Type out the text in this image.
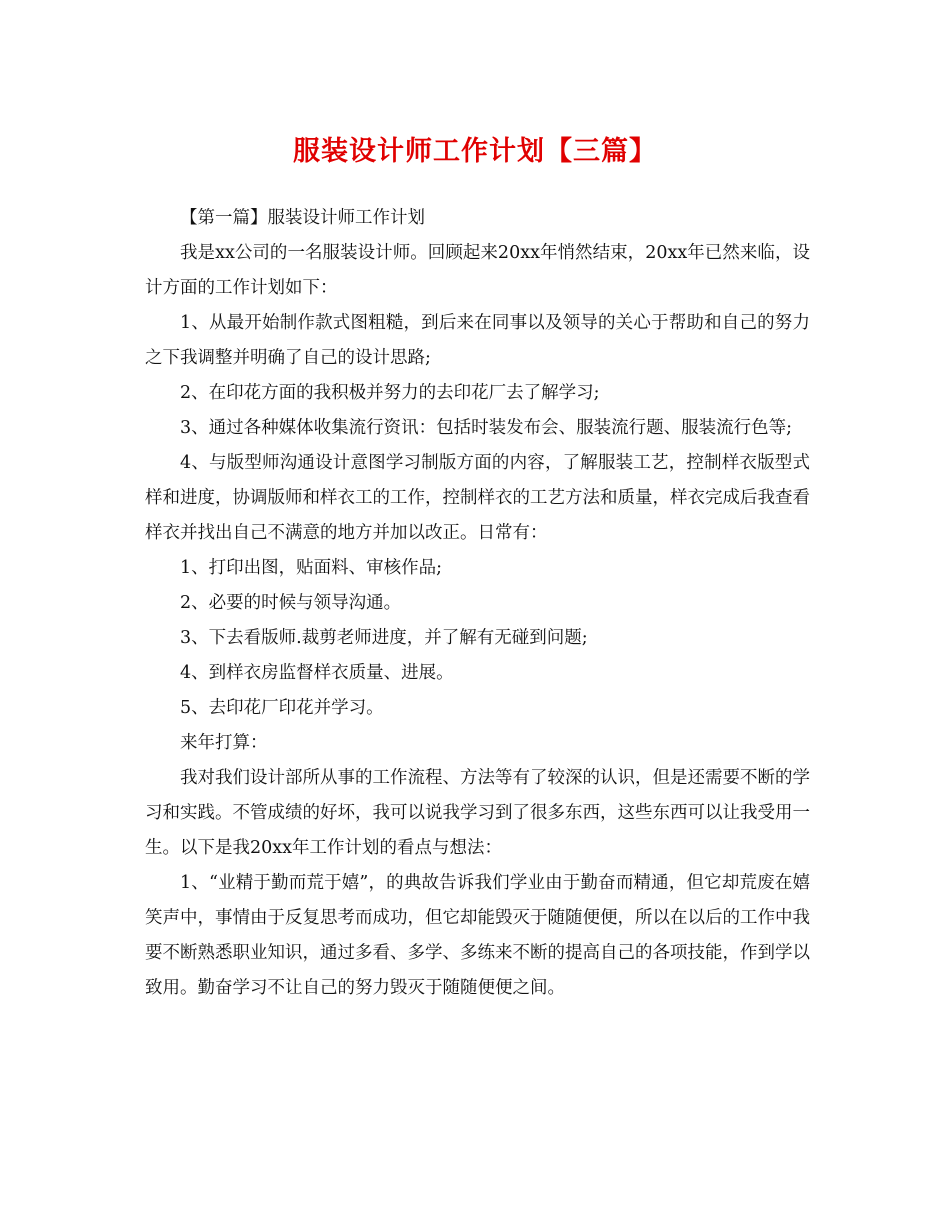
服装设计师工作计划【三篇】

【第一篇】服装设计师工作计划

我是xx公司的一名服装设计师。回顾起来20xx年悄然结束，20xx年已然来临，设计方面的工作计划如下：

1、从最开始制作款式图粗糙，到后来在同事以及领导的关心于帮助和自己的努力之下我调整并明确了自己的设计思路;

2、在印花方面的我积极并努力的去印花厂去了解学习;

3、通过各种媒体收集流行资讯：包括时装发布会、服装流行题、服装流行色等;

4、与版型师沟通设计意图学习制版方面的内容，了解服装工艺，控制样衣版型式样和进度，协调版师和样衣工的工作，控制样衣的工艺方法和质量，样衣完成后我查看样衣并找出自己不满意的地方并加以改正。日常有：

1、打印出图，贴面料、审核作品;

2、必要的时候与领导沟通。

3、下去看版师.裁剪老师进度，并了解有无碰到问题;

4、到样衣房监督样衣质量、进展。

5、去印花厂印花并学习。

来年打算：

我对我们设计部所从事的工作流程、方法等有了较深的认识，但是还需要不断的学习和实践。不管成绩的好坏，我可以说我学习到了很多东西，这些东西可以让我受用一生。以下是我20xx年工作计划的看点与想法：

1、“业精于勤而荒于嬉”，的典故告诉我们学业由于勤奋而精通，但它却荒废在嬉笑声中，事情由于反复思考而成功，但它却能毁灭于随随便便，所以在以后的工作中我要不断熟悉职业知识，通过多看、多学、多练来不断的提高自己的各项技能，作到学以致用。勤奋学习不让自己的努力毁灭于随随便便之间。
